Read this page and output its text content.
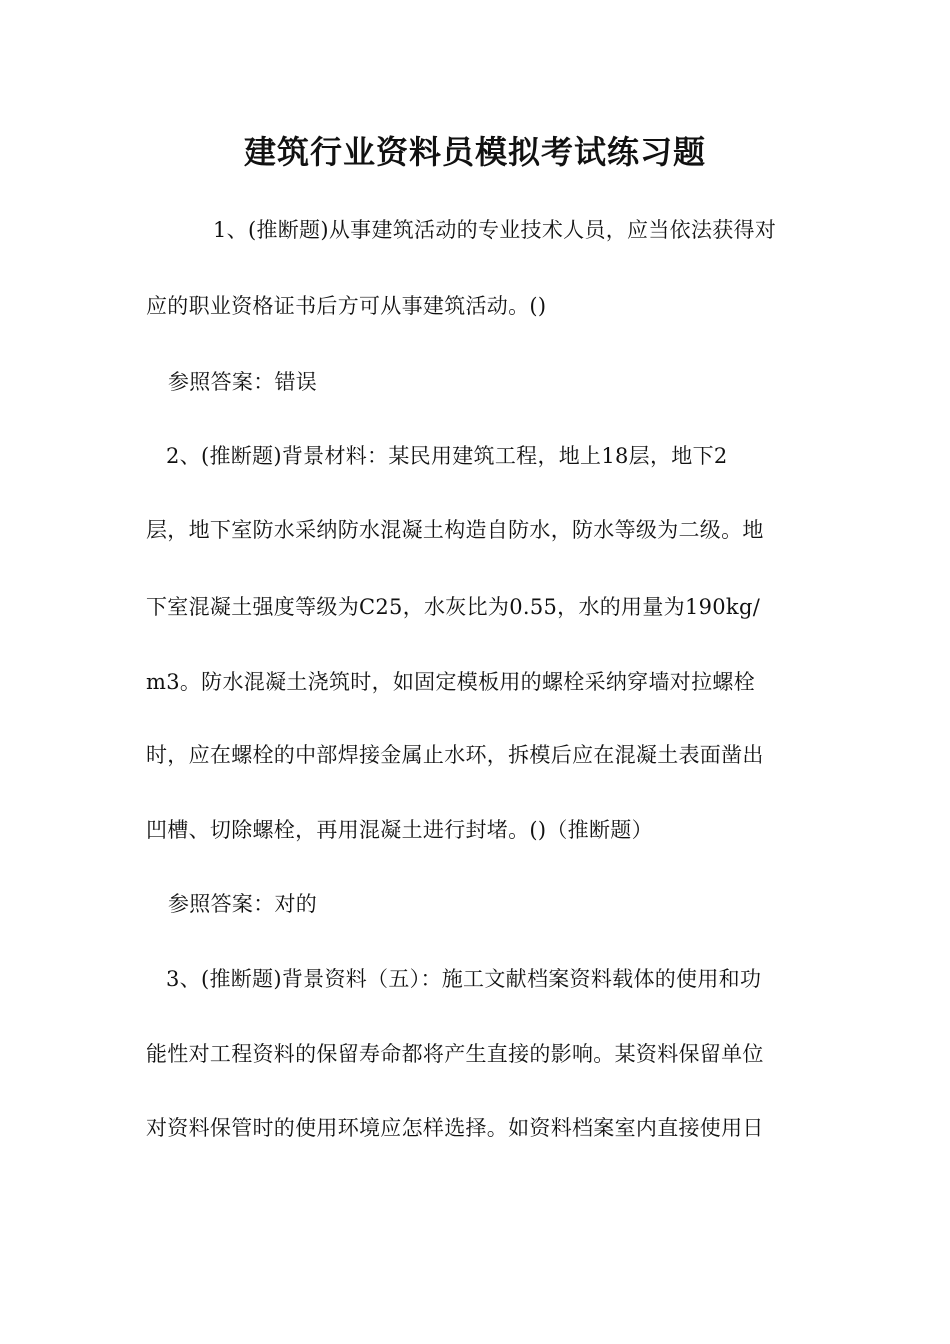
建筑行业资料员模拟考试练习题
1、(推断题)从事建筑活动的专业技术人员，应当依法获得对
应的职业资格证书后方可从事建筑活动。()
参照答案：错误
2、(推断题)背景材料：某民用建筑工程，地上18层，地下2
层，地下室防水采纳防水混凝土构造自防水，防水等级为二级。地
下室混凝土强度等级为C25，水灰比为0.55，水的用量为190kg/
m3。防水混凝土浇筑时，如固定模板用的螺栓采纳穿墙对拉螺栓
时，应在螺栓的中部焊接金属止水环，拆模后应在混凝土表面凿出
凹槽、切除螺栓，再用混凝土进行封堵。()（推断题）
参照答案：对的
3、(推断题)背景资料（五）：施工文献档案资料载体的使用和功
能性对工程资料的保留寿命都将产生直接的影响。某资料保留单位
对资料保管时的使用环境应怎样选择。如资料档案室内直接使用日
